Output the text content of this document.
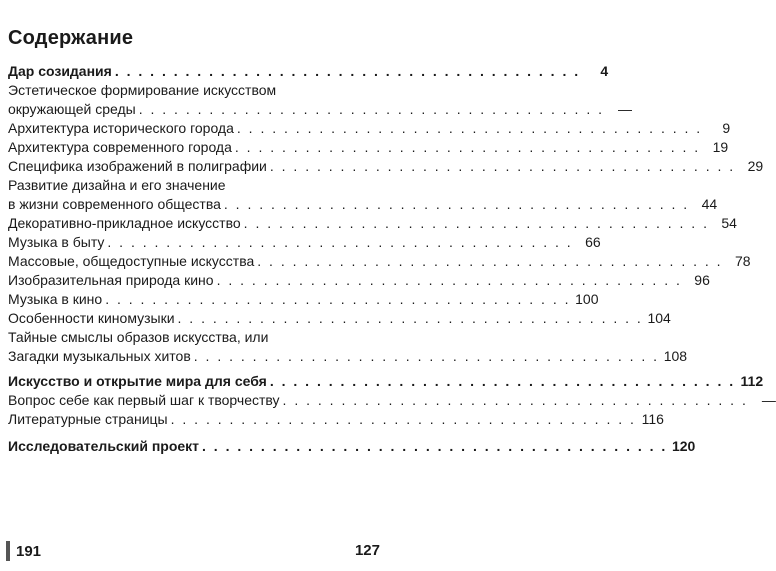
Содержание
Дар созидания . . . . . . . . . . . . . . . . . . . . . . . . . . . . . . . . . . . . . . . .	4
Эстетическое формирование искусством
окружающей среды . . . . . . . . . . . . . . . . . . . . . . . . . . . . . . . . . . . . . . . .	—
Архитектура исторического города . . . . . . . . . . . . . . . . . . . . . . . . . . . . . . . . . . . . . . . .	9
Архитектура современного города . . . . . . . . . . . . . . . . . . . . . . . . . . . . . . . . . . . . . . . . 19
Специфика изображений в полиграфии . . . . . . . . . . . . . . . . . . . . . . . . . . . . . . . . . . . . . . . . 29
Развитие дизайна и его значение
в жизни современного общества . . . . . . . . . . . . . . . . . . . . . . . . . . . . . . . . . . . . . . . . 44
Декоративно-прикладное искусство . . . . . . . . . . . . . . . . . . . . . . . . . . . . . . . . . . . . . . . . 54
Музыка в быту . . . . . . . . . . . . . . . . . . . . . . . . . . . . . . . . . . . . . . . . 66
Массовые, общедоступные искусства . . . . . . . . . . . . . . . . . . . . . . . . . . . . . . . . . . . . . . . . 78
Изобразительная природа кино . . . . . . . . . . . . . . . . . . . . . . . . . . . . . . . . . . . . . . . . 96
Музыка в кино . . . . . . . . . . . . . . . . . . . . . . . . . . . . . . . . . . . . . . . . 100
Особенности киномузыки . . . . . . . . . . . . . . . . . . . . . . . . . . . . . . . . . . . . . . . . 104
Тайные смыслы образов искусства, или
Загадки музыкальных хитов . . . . . . . . . . . . . . . . . . . . . . . . . . . . . . . . . . . . . . . . 108
Искусство и открытие мира для себя . . . . . . . . . . . . . . . . . . . . . . . . . . . . . . . . . . . . . . . . 112
Вопрос себе как первый шаг к творчеству . . . . . . . . . . . . . . . . . . . . . . . . . . . . . . . . . . . . . . . .	—
Литературные страницы . . . . . . . . . . . . . . . . . . . . . . . . . . . . . . . . . . . . . . . . 116
Исследовательский проект . . . . . . . . . . . . . . . . . . . . . . . . . . . . . . . . . . . . . . . . 120
191	127
